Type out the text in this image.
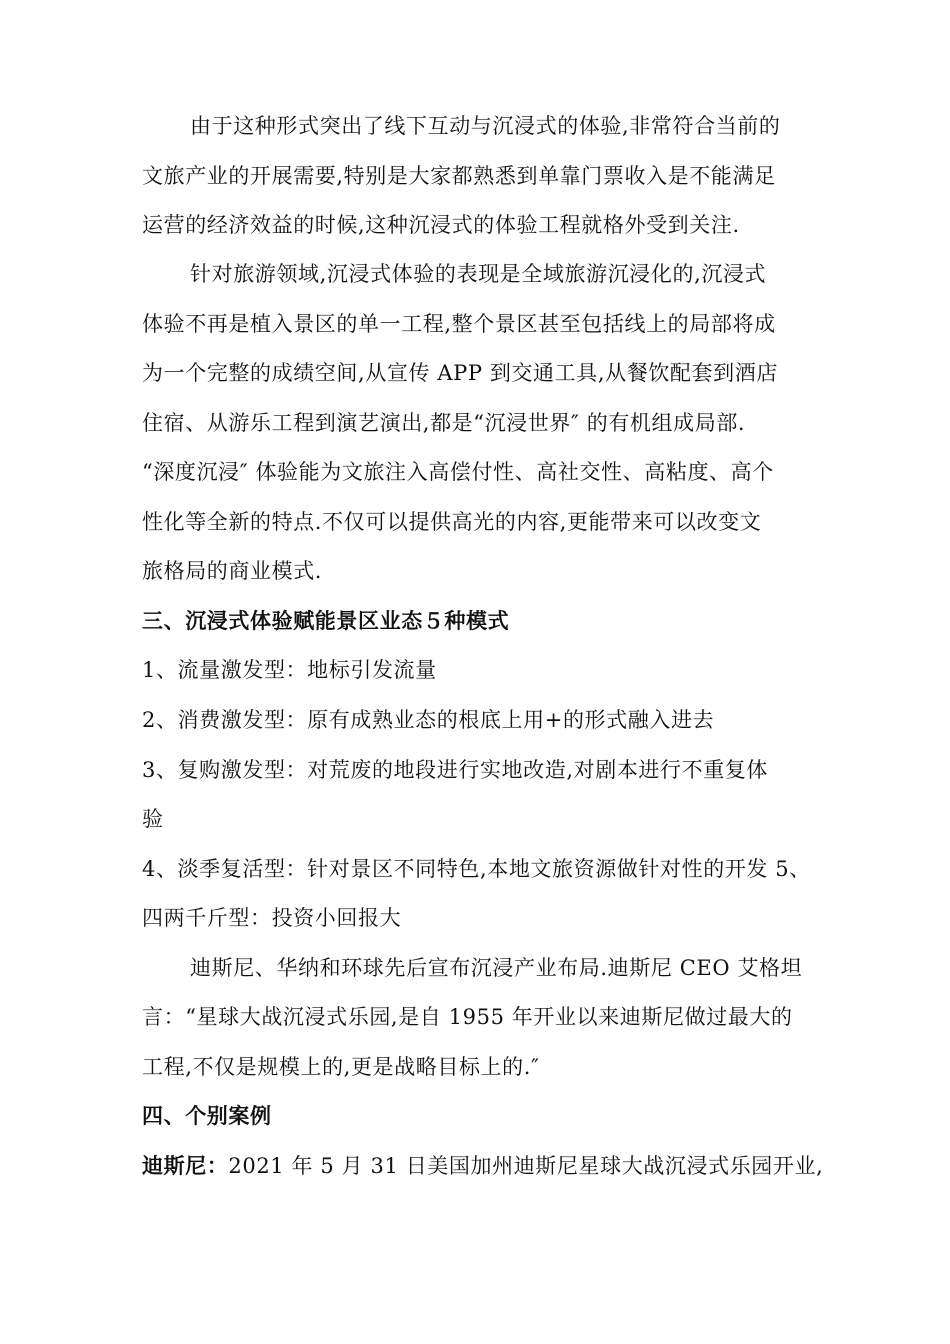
由于这种形式突出了线下互动与沉浸式的体验,非常符合当前的
文旅产业的开展需要,特别是大家都熟悉到单靠门票收入是不能满足
运营的经济效益的时候,这种沉浸式的体验工程就格外受到关注.
针对旅游领域,沉浸式体验的表现是全域旅游沉浸化的,沉浸式
体验不再是植入景区的单一工程,整个景区甚至包括线上的局部将成
为一个完整的成绩空间,从宣传 APP 到交通工具,从餐饮配套到酒店
住宿、从游乐工程到演艺演出,都是“沉浸世界″ 的有机组成局部.
“深度沉浸″ 体验能为文旅注入高偿付性、高社交性、高粘度、高个
性化等全新的特点.不仅可以提供高光的内容,更能带来可以改变文
旅格局的商业模式.
三、沉浸式体验赋能景区业态５种模式
1、流量激发型：地标引发流量
2、消费激发型：原有成熟业态的根底上用+的形式融入进去
3、复购激发型：对荒废的地段进行实地改造,对剧本进行不重复体
验
4、淡季复活型：针对景区不同特色,本地文旅资源做针对性的开发 5、
四两千斤型：投资小回报大
迪斯尼、华纳和环球先后宣布沉浸产业布局.迪斯尼 CEO 艾格坦
言：“星球大战沉浸式乐园,是自 1955 年开业以来迪斯尼做过最大的
工程,不仅是规模上的,更是战略目标上的.″
四、个别案例
迪斯尼：2021 年 5 月 31 日美国加州迪斯尼星球大战沉浸式乐园开业,
